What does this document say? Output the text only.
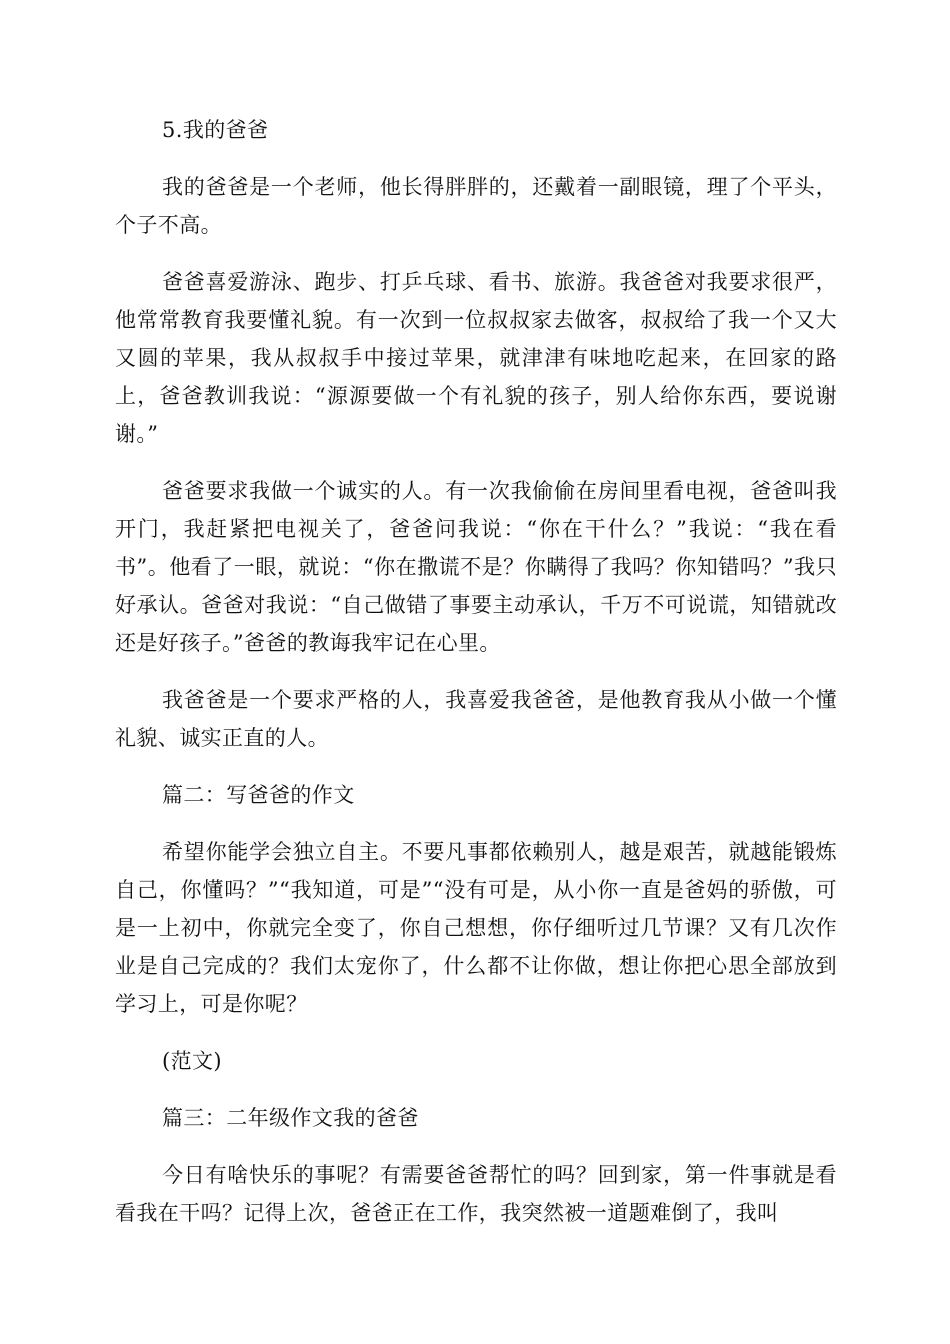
5.我的爸爸

我的爸爸是一个老师，他长得胖胖的，还戴着一副眼镜，理了个平头，个子不高。

爸爸喜爱游泳、跑步、打乒乓球、看书、旅游。我爸爸对我要求很严，他常常教育我要懂礼貌。有一次到一位叔叔家去做客，叔叔给了我一个又大又圆的苹果，我从叔叔手中接过苹果，就津津有味地吃起来，在回家的路上，爸爸教训我说：“源源要做一个有礼貌的孩子，别人给你东西，要说谢谢。”

爸爸要求我做一个诚实的人。有一次我偷偷在房间里看电视，爸爸叫我开门，我赶紧把电视关了，爸爸问我说：“你在干什么？”我说：“我在看书”。他看了一眼，就说：“你在撒谎不是？你瞒得了我吗？你知错吗？”我只好承认。爸爸对我说：“自己做错了事要主动承认，千万不可说谎，知错就改还是好孩子。”爸爸的教诲我牢记在心里。

我爸爸是一个要求严格的人，我喜爱我爸爸，是他教育我从小做一个懂礼貌、诚实正直的人。

篇二：写爸爸的作文

希望你能学会独立自主。不要凡事都依赖别人，越是艰苦，就越能锻炼自己，你懂吗？”“我知道，可是”“没有可是，从小你一直是爸妈的骄傲，可是一上初中，你就完全变了，你自己想想，你仔细听过几节课？又有几次作业是自己完成的？我们太宠你了，什么都不让你做，想让你把心思全部放到学习上，可是你呢？

(范文)

篇三：二年级作文我的爸爸

今日有啥快乐的事呢？有需要爸爸帮忙的吗？回到家，第一件事就是看看我在干吗？记得上次，爸爸正在工作，我突然被一道题难倒了，我叫
